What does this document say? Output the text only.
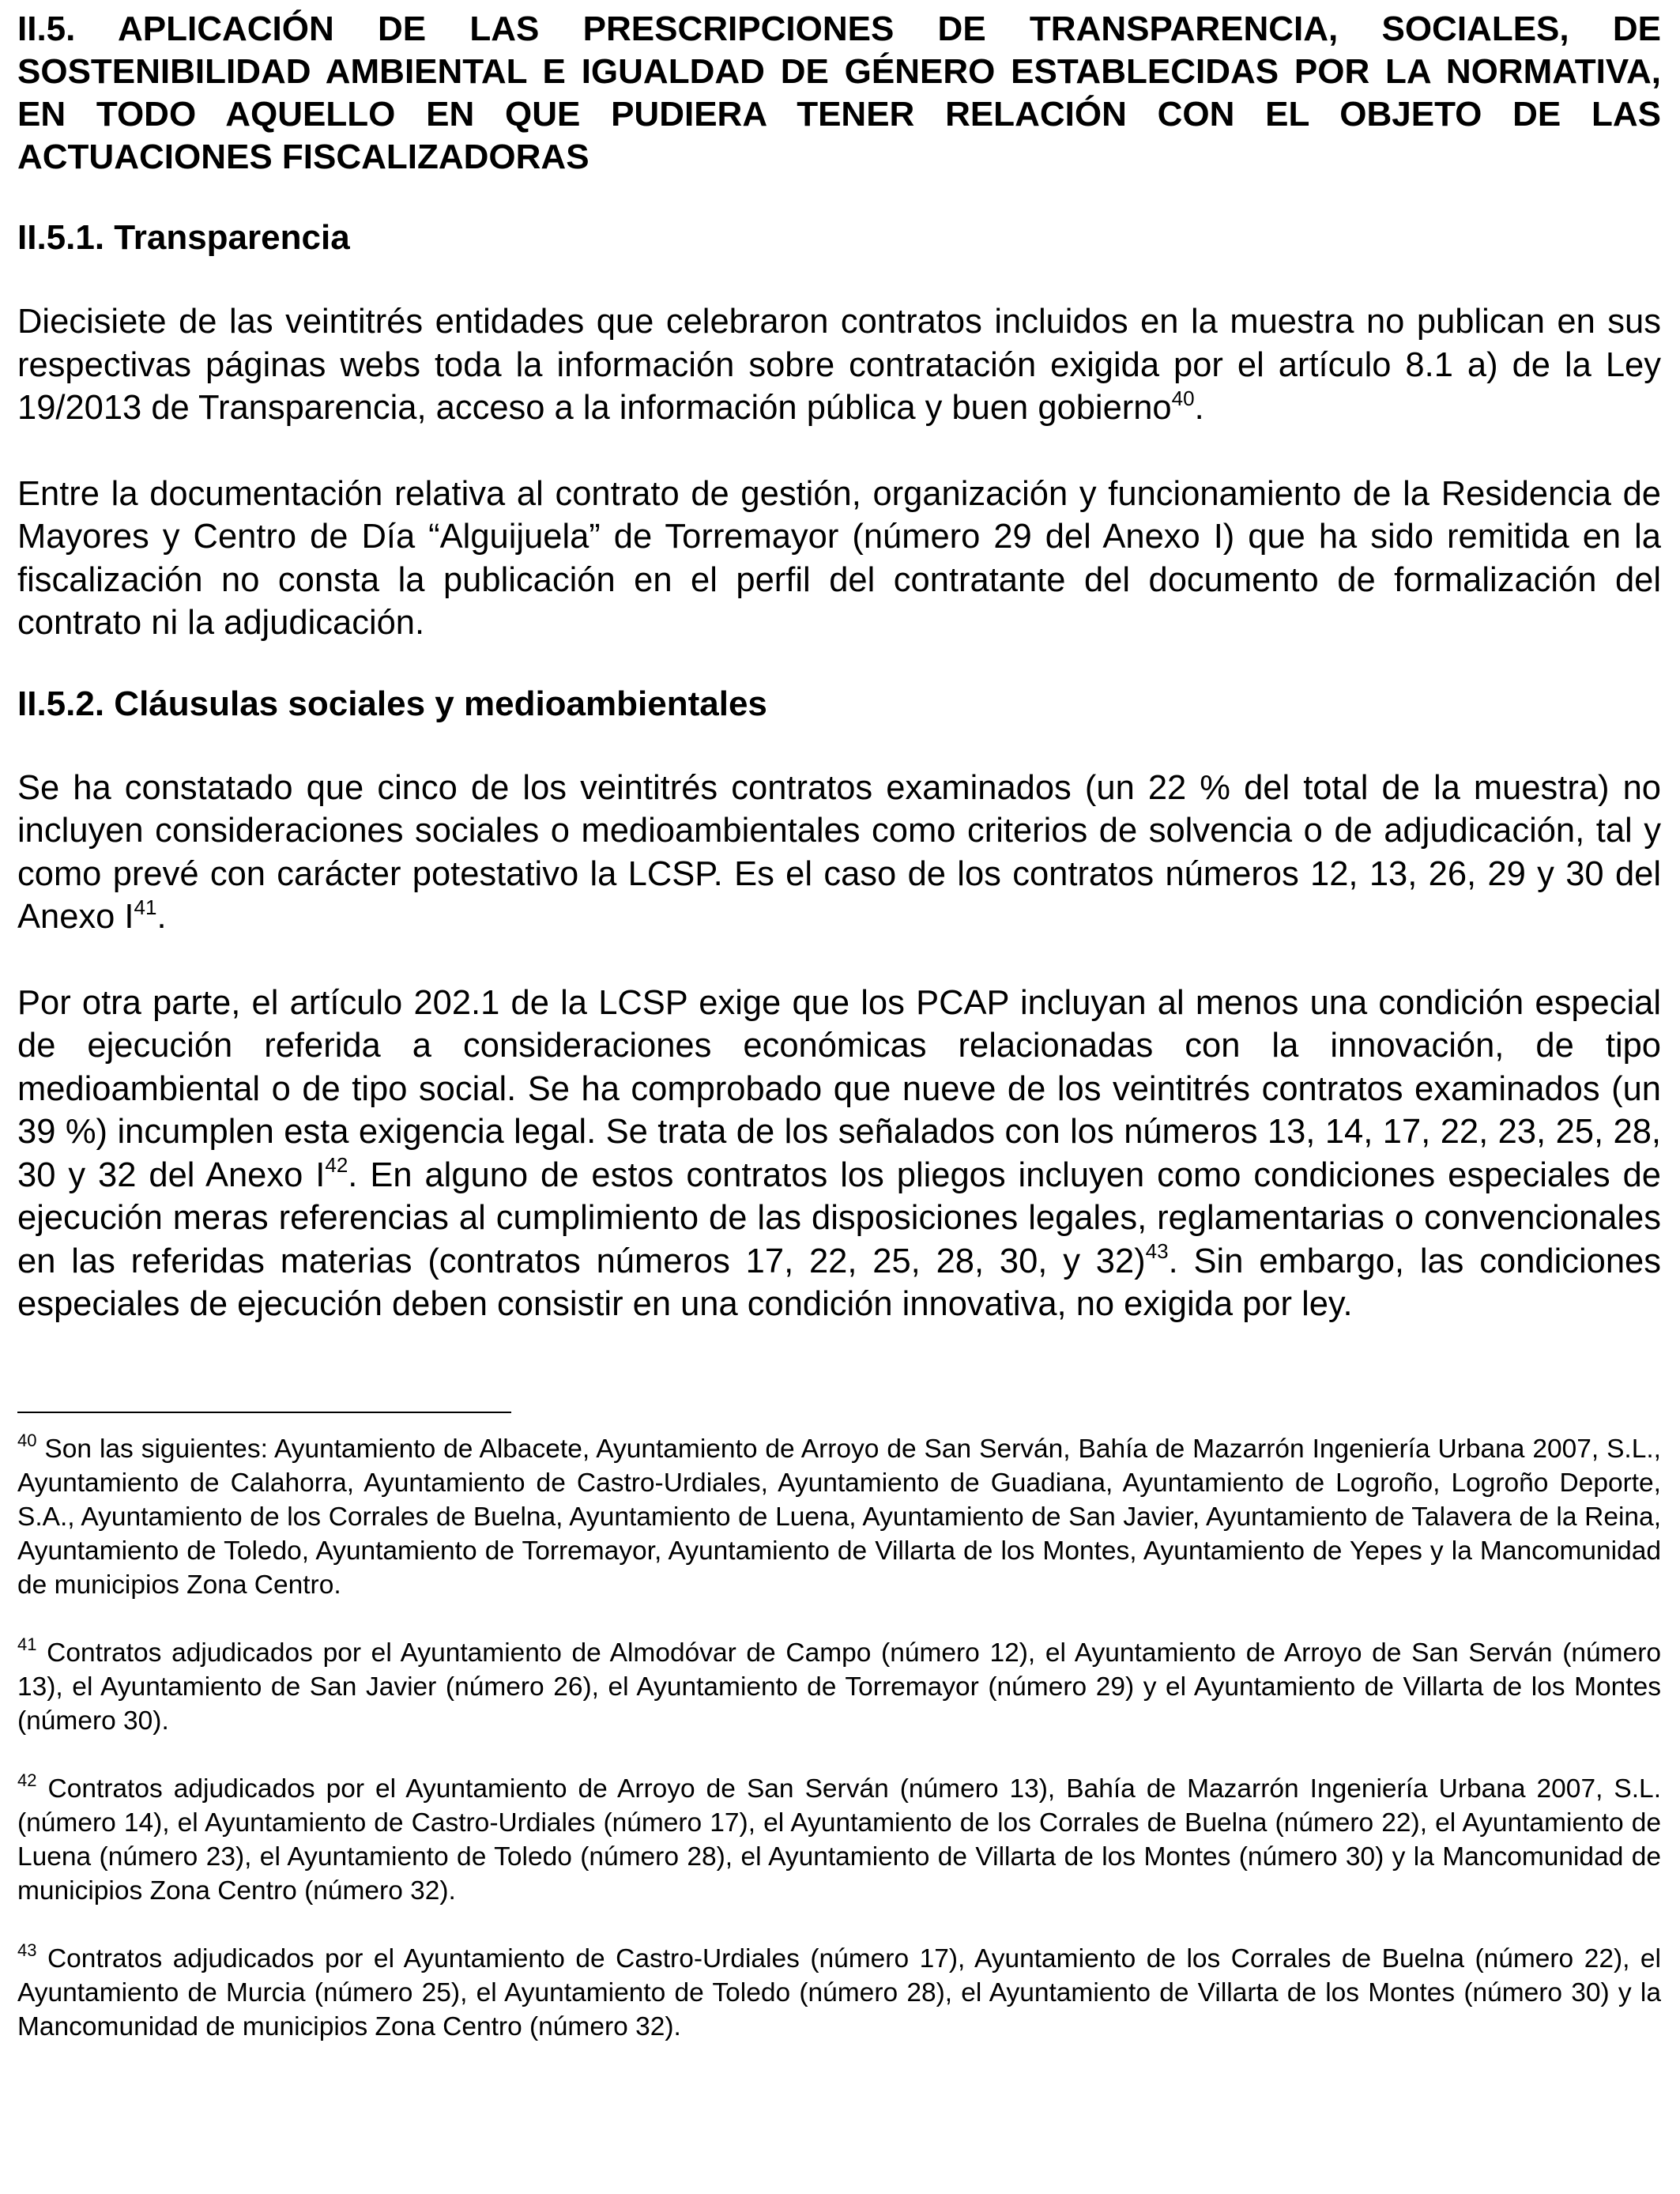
II.5. APLICACIÓN DE LAS PRESCRIPCIONES DE TRANSPARENCIA, SOCIALES, DE SOSTENIBILIDAD AMBIENTAL E IGUALDAD DE GÉNERO ESTABLECIDAS POR LA NORMATIVA, EN TODO AQUELLO EN QUE PUDIERA TENER RELACIÓN CON EL OBJETO DE LAS ACTUACIONES FISCALIZADORAS
II.5.1. Transparencia

Diecisiete de las veintitrés entidades que celebraron contratos incluidos en la muestra no publican en sus respectivas páginas webs toda la información sobre contratación exigida por el artículo 8.1 a) de la Ley 19/2013 de Transparencia, acceso a la información pública y buen gobierno$^{40}$.

Entre la documentación relativa al contrato de gestión, organización y funcionamiento de la Residencia de Mayores y Centro de Día “Alguijuela” de Torremayor (número 29 del Anexo I) que ha sido remitida en la fiscalización no consta la publicación en el perfil del contratante del documento de formalización del contrato ni la adjudicación.

II.5.2. Cláusulas sociales y medioambientales

Se ha constatado que cinco de los veintitrés contratos examinados (un 22 % del total de la muestra) no incluyen consideraciones sociales o medioambientales como criterios de solvencia o de adjudicación, tal y como prevé con carácter potestativo la LCSP. Es el caso de los contratos números 12, 13, 26, 29 y 30 del Anexo $I^{41}$.

Por otra parte, el artículo 202.1 de la LCSP exige que los PCAP incluyan al menos una condición especial de ejecución referida a consideraciones económicas relacionadas con la innovación, de tipo medioambiental o de tipo social. Se ha comprobado que nueve de los veintitrés contratos examinados (un 39 %) incumplen esta exigencia legal. Se trata de los señalados con los números 13, 14, 17, 22, 23, 25, 28, 30 y 32 del Anexo $I^{42}$. En alguno de estos contratos los pliegos incluyen como condiciones especiales de ejecución meras referencias al cumplimiento de las disposiciones legales, reglamentarias o convencionales en las referidas materias (contratos números 17, 22, 25, 28, 30, y 32)$^{43}$. Sin embargo, las condiciones especiales de ejecución deben consistir en una condición innovativa, no exigida por ley.

$^{40}$ Son las siguientes: Ayuntamiento de Albacete, Ayuntamiento de Arroyo de San Serván, Bahía de Mazarrón Ingeniería Urbana 2007, S.L., Ayuntamiento de Calahorra, Ayuntamiento de Castro-Urdiales, Ayuntamiento de Guadiana, Ayuntamiento de Logroño, Logroño Deporte, S.A., Ayuntamiento de los Corrales de Buelna, Ayuntamiento de Luena, Ayuntamiento de San Javier, Ayuntamiento de Talavera de la Reina, Ayuntamiento de Toledo, Ayuntamiento de Torremayor, Ayuntamiento de Villarta de los Montes, Ayuntamiento de Yepes y la Mancomunidad de municipios Zona Centro.

$^{41}$ Contratos adjudicados por el Ayuntamiento de Almodóvar de Campo (número 12), el Ayuntamiento de Arroyo de San Serván (número 13), el Ayuntamiento de San Javier (número 26), el Ayuntamiento de Torremayor (número 29) y el Ayuntamiento de Villarta de los Montes (número 30).

$^{42}$ Contratos adjudicados por el Ayuntamiento de Arroyo de San Serván (número 13), Bahía de Mazarrón Ingeniería Urbana 2007, S.L. (número 14), el Ayuntamiento de Castro-Urdiales (número 17), el Ayuntamiento de los Corrales de Buelna (número 22), el Ayuntamiento de Luena (número 23), el Ayuntamiento de Toledo (número 28), el Ayuntamiento de Villarta de los Montes (número 30) y la Mancomunidad de municipios Zona Centro (número 32).

$^{43}$ Contratos adjudicados por el Ayuntamiento de Castro-Urdiales (número 17), Ayuntamiento de los Corrales de Buelna (número 22), el Ayuntamiento de Murcia (número 25), el Ayuntamiento de Toledo (número 28), el Ayuntamiento de Villarta de los Montes (número 30) y la Mancomunidad de municipios Zona Centro (número 32).
